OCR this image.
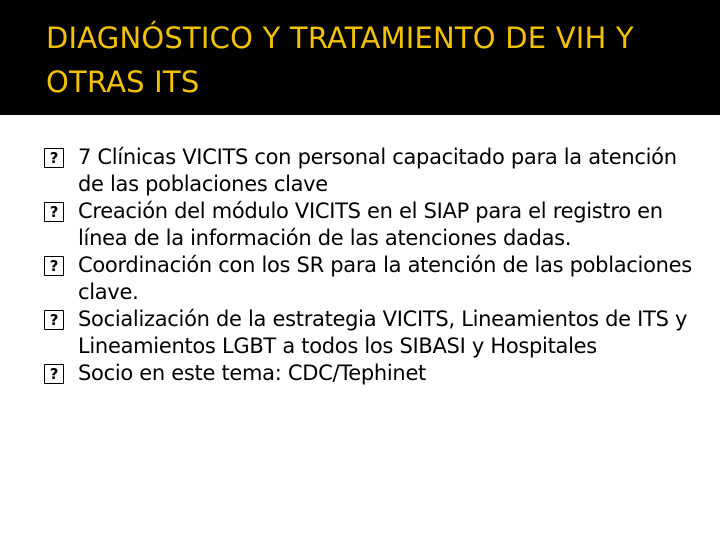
DIAGNÓSTICO Y TRATAMIENTO DE VIH Y OTRAS ITS
? 7 Clínicas VICITS con personal capacitado para la atención de las poblaciones clave
? Creación del módulo VICITS en el SIAP para el registro en línea de la información de las atenciones dadas.
? Coordinación con los SR para la atención de las poblaciones clave.
? Socialización de la estrategia VICITS, Lineamientos de ITS y Lineamientos LGBT a todos los SIBASI y Hospitales
? Socio en este tema: CDC/Tephinet
